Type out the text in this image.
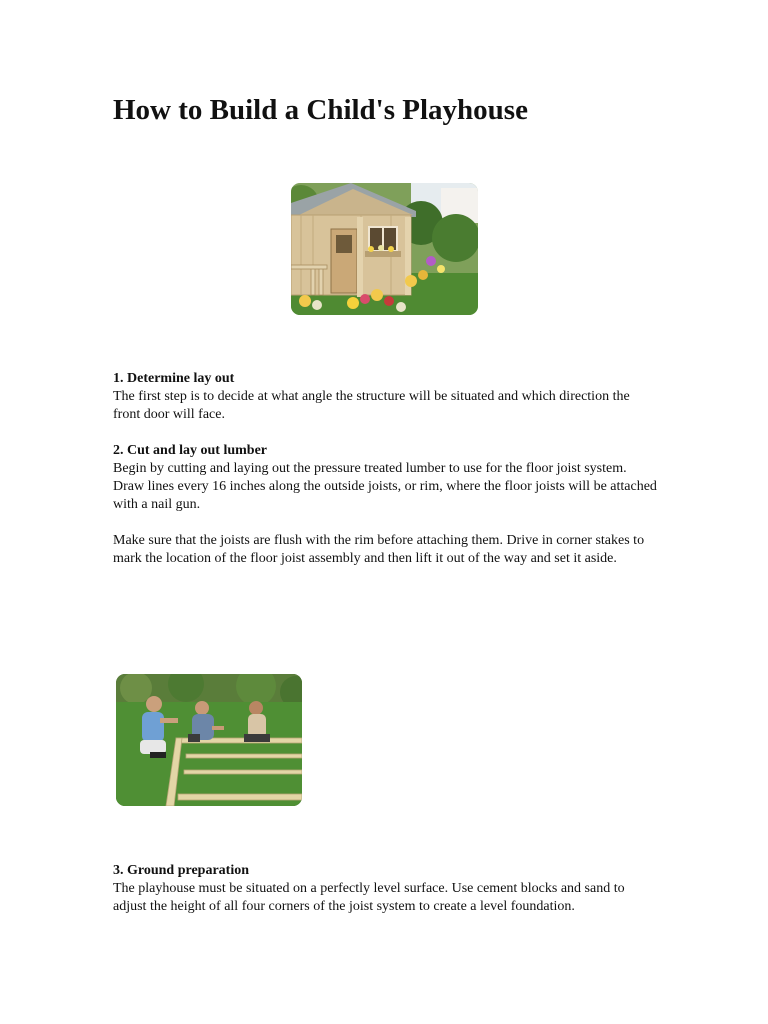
How to Build a Child's Playhouse
1. Determine lay out

The first step is to decide at what angle the structure will be situated and which direction the front door will face.

2. Cut and lay out lumber

Begin by cutting and laying out the pressure treated lumber to use for the floor joist system. Draw lines every 16 inches along the outside joists, or rim, where the floor joists will be attached with a nail gun.

Make sure that the joists are flush with the rim before attaching them. Drive in corner stakes to mark the location of the floor joist assembly and then lift it out of the way and set it aside.

3. Ground preparation

The playhouse must be situated on a perfectly level surface. Use cement blocks and sand to adjust the height of all four corners of the joist system to create a level foundation.
